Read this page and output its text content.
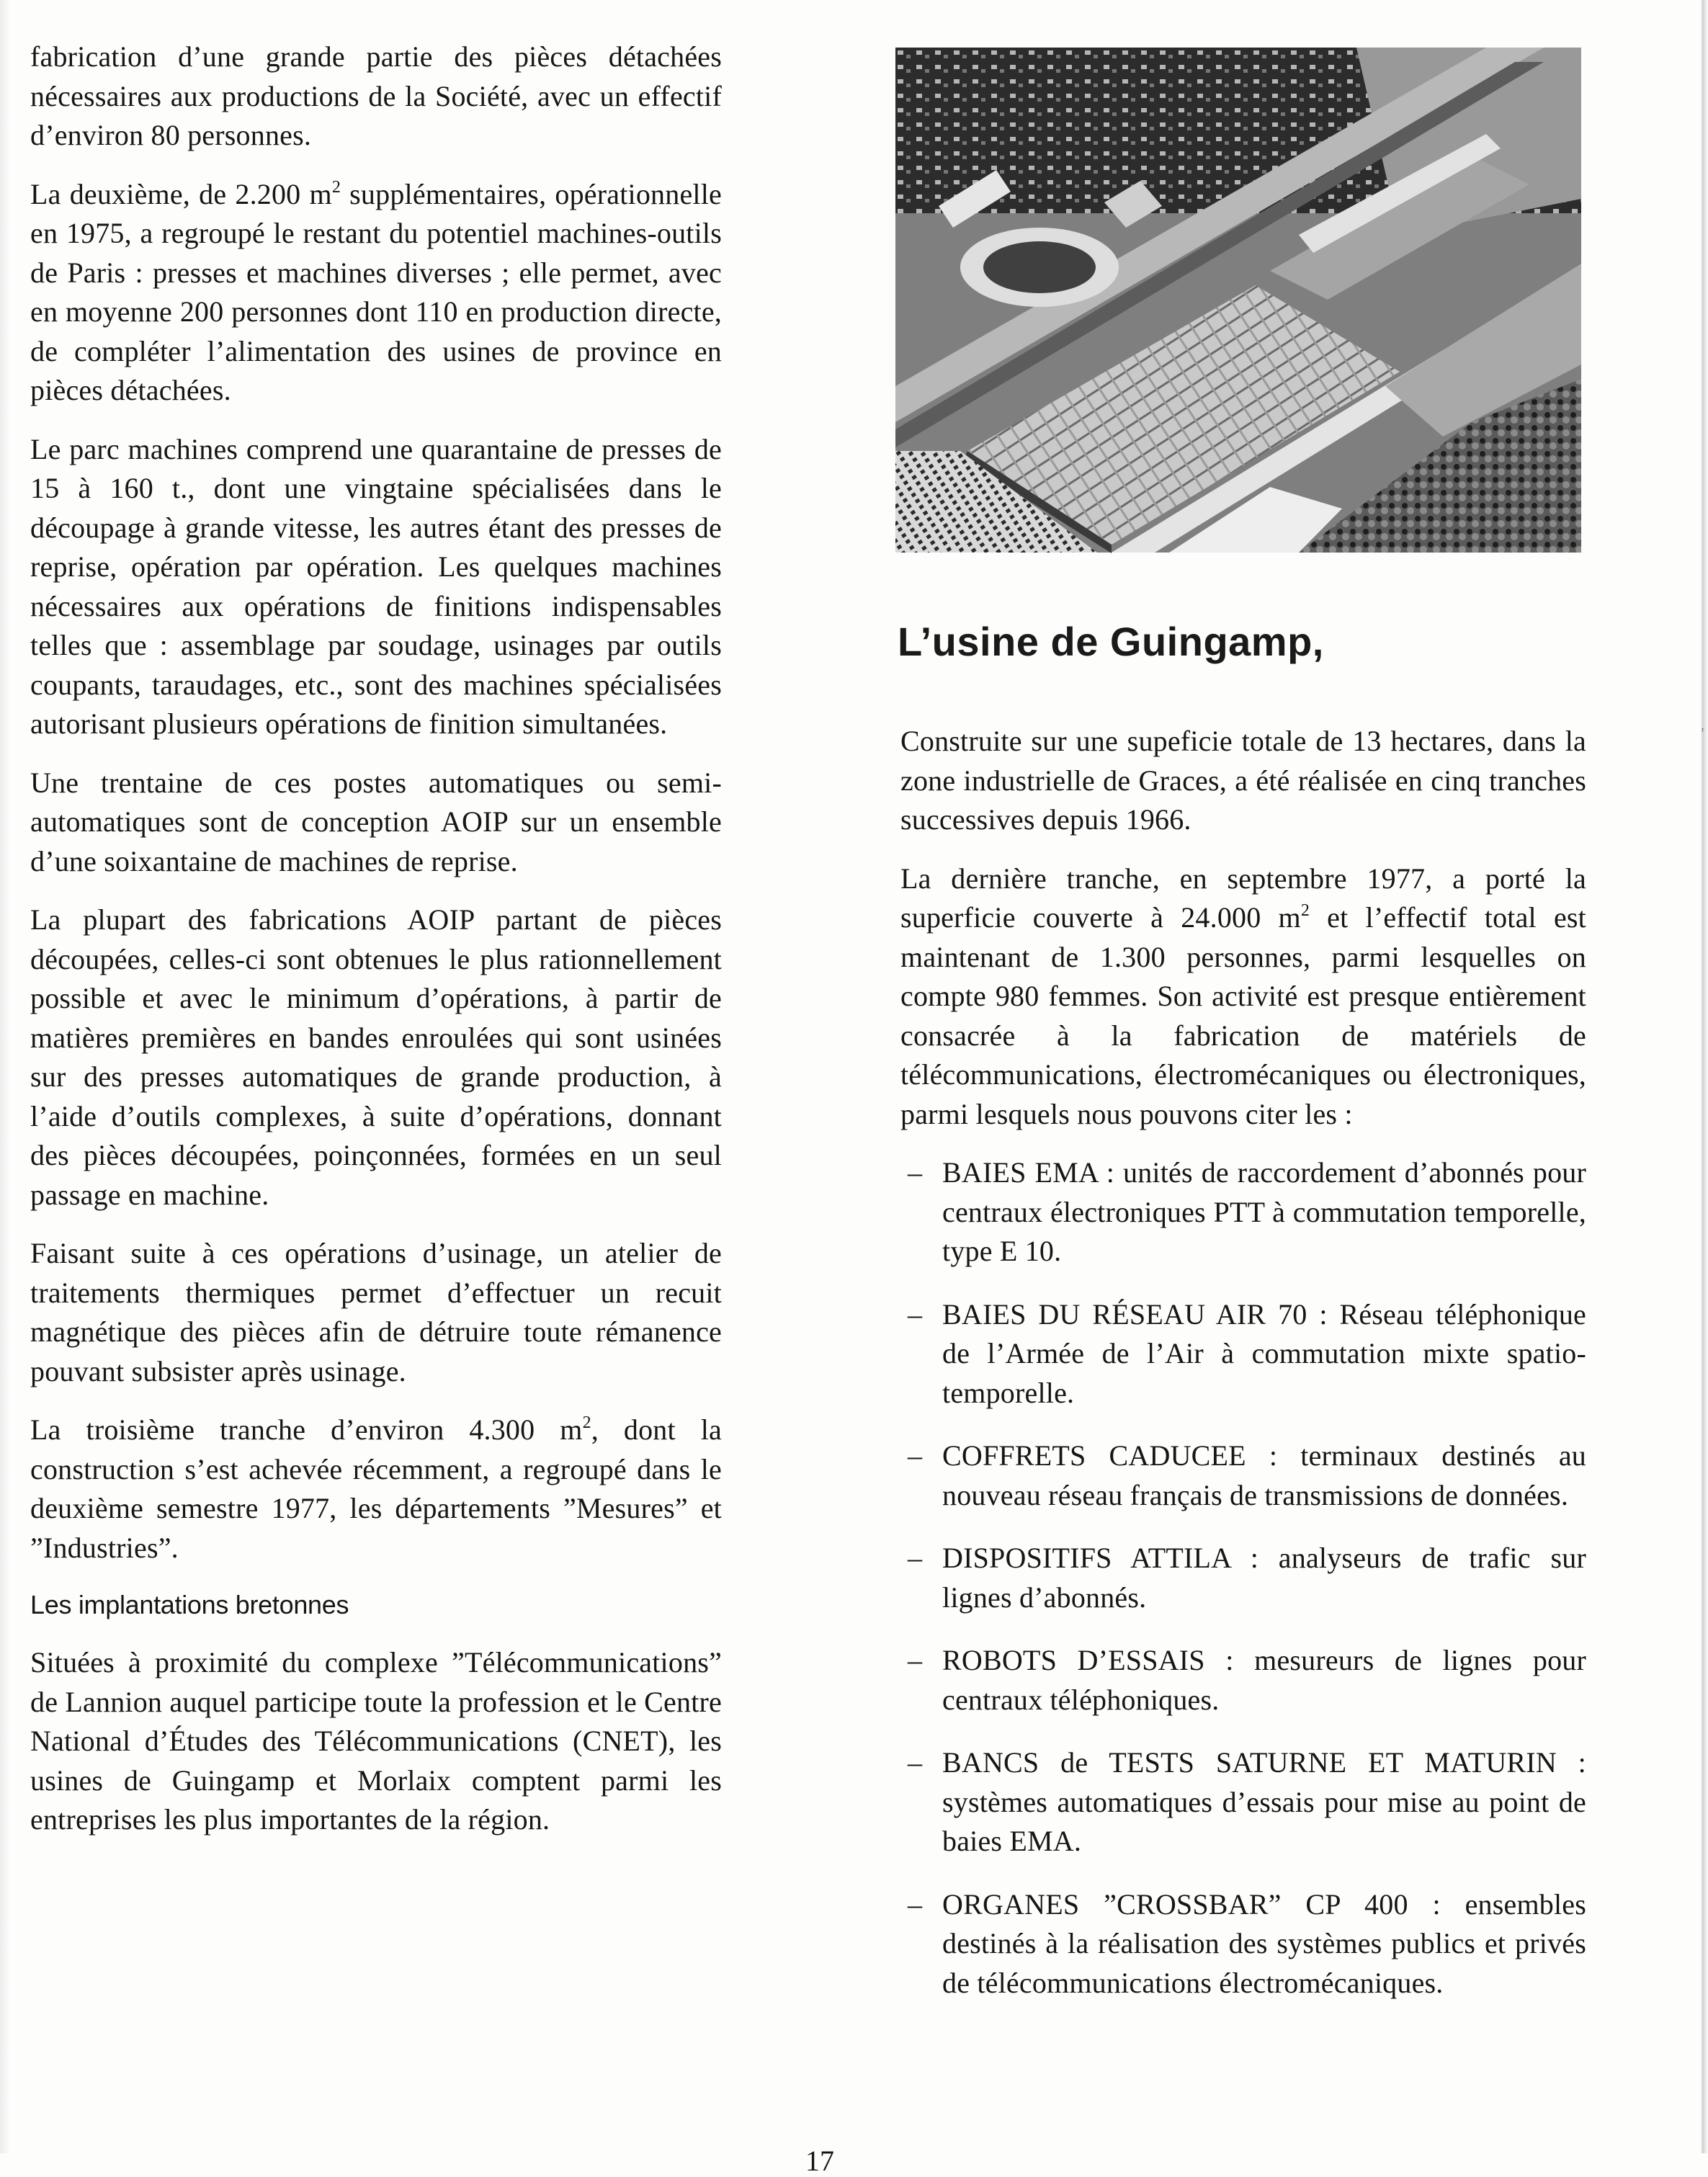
ʳ

fabrication d’une grande partie des pièces détachées nécessaires aux productions de la Société, avec un effectif d’environ 80 personnes.

La deuxième, de 2.200 $m^2$ supplémentaires, opérationnelle en 1975, a regroupé le restant du potentiel machines-outils de Paris : presses et machines diverses ; elle permet, avec en moyenne 200 personnes dont 110 en production directe, de compléter l’alimentation des usines de province en pièces détachées.

Le parc machines comprend une quarantaine de presses de 15 à 160 t., dont une vingtaine spécialisées dans le découpage à grande vitesse, les autres étant des presses de reprise, opération par opération. Les quelques machines nécessaires aux opérations de finitions indispensables telles que : assemblage par soudage, usinages par outils coupants, taraudages, etc., sont des machines spécialisées autorisant plusieurs opérations de finition simultanées.

Une trentaine de ces postes automatiques ou semi-automatiques sont de conception AOIP sur un ensemble d’une soixantaine de machines de reprise.

La plupart des fabrications AOIP partant de pièces découpées, celles-ci sont obtenues le plus rationnellement possible et avec le minimum d’opérations, à partir de matières premières en bandes enroulées qui sont usinées sur des presses automatiques de grande production, à l’aide d’outils complexes, à suite d’opérations, donnant des pièces découpées, poinçonnées, formées en un seul passage en machine.

Faisant suite à ces opérations d’usinage, un atelier de traitements thermiques permet d’effectuer un recuit magnétique des pièces afin de détruire toute rémanence pouvant subsister après usinage.

La troisième tranche d’environ 4.300 $m^2$, dont la construction s’est achevée récemment, a regroupé dans le deuxième semestre 1977, les départements ”Mesures” et ”Industries”.

Les implantations bretonnes

Situées à proximité du complexe ”Télécommunications” de Lannion auquel participe toute la profession et le Centre National d’Études des Télécommunications (CNET), les usines de Guingamp et Morlaix comptent parmi les entreprises les plus importantes de la région.

L’usine de Guingamp,

Construite sur une supeficie totale de 13 hectares, dans la zone industrielle de Graces, a été réalisée en cinq tranches successives depuis 1966.

La dernière tranche, en septembre 1977, a porté la superficie couverte à 24.000 $m^2$ et l’effectif total est maintenant de 1.300 personnes, parmi lesquelles on compte 980 femmes. Son activité est presque entièrement consacrée à la fabrication de matériels de télécommunications, électromécaniques ou électroniques, parmi lesquels nous pouvons citer les :

– BAIES EMA : unités de raccordement d’abonnés pour centraux électroniques PTT à commutation temporelle, type E 10.
– BAIES DU RÉSEAU AIR 70 : Réseau téléphonique de l’Armée de l’Air à commutation mixte spatio-temporelle.
– COFFRETS CADUCEE : terminaux destinés au nouveau réseau français de transmissions de données.
– DISPOSITIFS ATTILA : analyseurs de trafic sur lignes d’abonnés.
– ROBOTS D’ESSAIS : mesureurs de lignes pour centraux téléphoniques.
– BANCS de TESTS SATURNE ET MATURIN : systèmes automatiques d’essais pour mise au point de baies EMA.
– ORGANES ”CROSSBAR” CP 400 : ensembles destinés à la réalisation des systèmes publics et privés de télécommunications électromécaniques.
17
